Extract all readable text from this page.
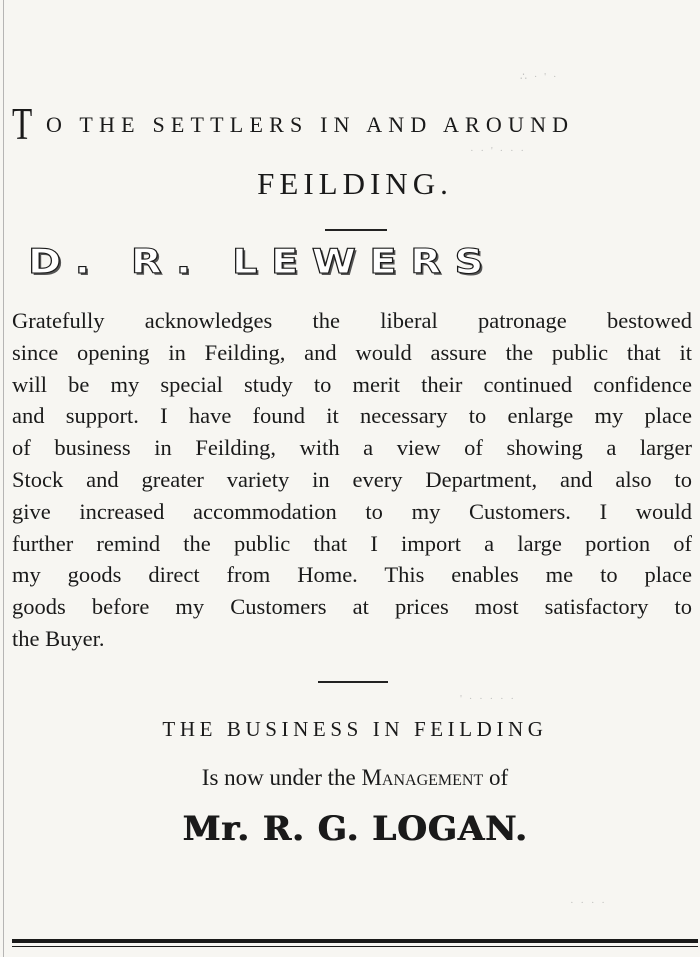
∴ · ' ·
· · ' · · ·
' · · · · ·
· · · ·
T O THE SETTLERS IN AND AROUND
FEILDING.
D. R. LEWERS
Gratefully acknowledges the liberal patronage bestowed
since opening in Feilding, and would assure the public that it
will be my special study to merit their continued confidence
and support. I have found it necessary to enlarge my place
of business in Feilding, with a view of showing a larger
Stock and greater variety in every Department, and also to
give increased accommodation to my Customers. I would
further remind the public that I import a large portion of
my goods direct from Home. This enables me to place
goods before my Customers at prices most satisfactory to
the Buyer.
THE BUSINESS IN FEILDING
Is now under the Management of
Mr. R. G. LOGAN.
